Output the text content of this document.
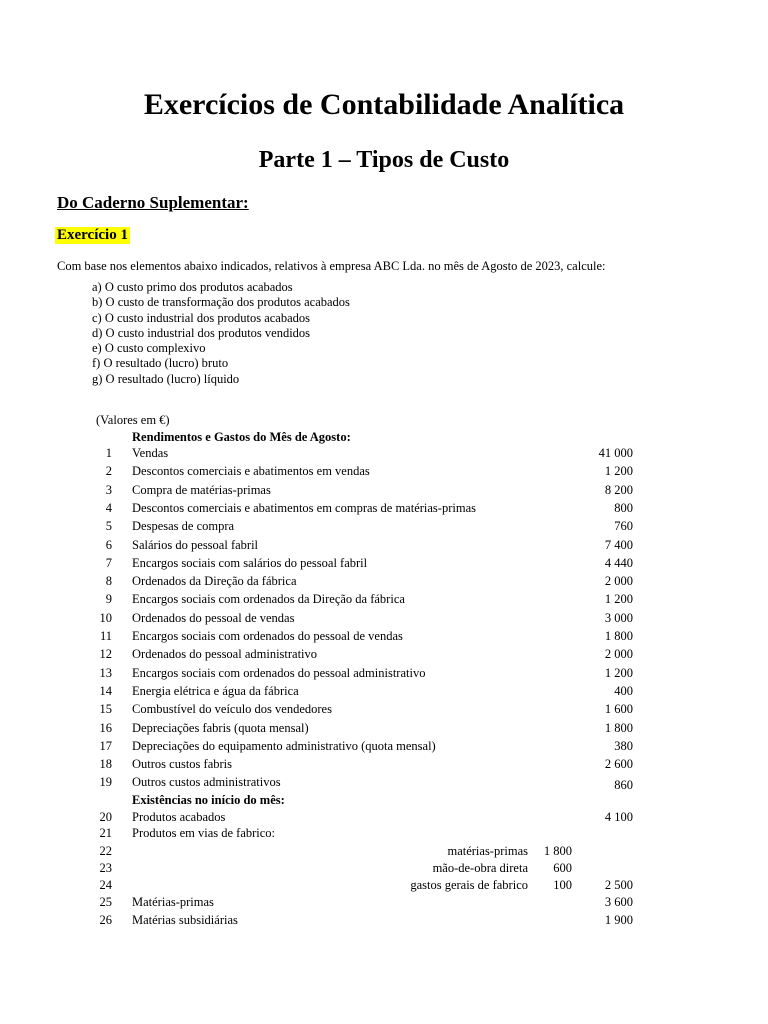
Exercícios de Contabilidade Analítica
Parte 1 – Tipos de Custo
Do Caderno Suplementar:
Exercício 1
Com base nos elementos abaixo indicados, relativos à empresa ABC Lda. no mês de Agosto de 2023, calcule:
a) O custo primo dos produtos acabados
b) O custo de transformação dos produtos acabados
c) O custo industrial dos produtos acabados
d) O custo industrial dos produtos vendidos
e) O custo complexivo
f) O resultado (lucro) bruto
g) O resultado (lucro) líquido
(Valores em €)
Rendimentos e Gastos do Mês de Agosto:
1 Vendas	41 000
2 Descontos comerciais e abatimentos em vendas	1 200
3 Compra de matérias-primas	8 200
4 Descontos comerciais e abatimentos em compras de matérias-primas	800
5 Despesas de compra	760
6 Salários do pessoal fabril	7 400
7 Encargos sociais com salários do pessoal fabril	4 440
8 Ordenados da Direção da fábrica	2 000
9 Encargos sociais com ordenados da Direção da fábrica	1 200
10 Ordenados do pessoal de vendas	3 000
11 Encargos sociais com ordenados do pessoal de vendas	1 800
12 Ordenados do pessoal administrativo	2 000
13 Encargos sociais com ordenados do pessoal administrativo	1 200
14 Energia elétrica e água da fábrica	400
15 Combustível do veículo dos vendedores	1 600
16 Depreciações fabris (quota mensal)	1 800
17 Depreciações do equipamento administrativo (quota mensal)	380
18 Outros custos fabris	2 600
19 Outros custos administrativos	860
Existências no início do mês:
20 Produtos acabados	4 100
21 Produtos em vias de fabrico:
22	matérias-primas 1 800
23	mão-de-obra direta 600
24	gastos gerais de fabrico 100	2 500
25 Matérias-primas	3 600
26 Matérias subsidiárias	1 900
